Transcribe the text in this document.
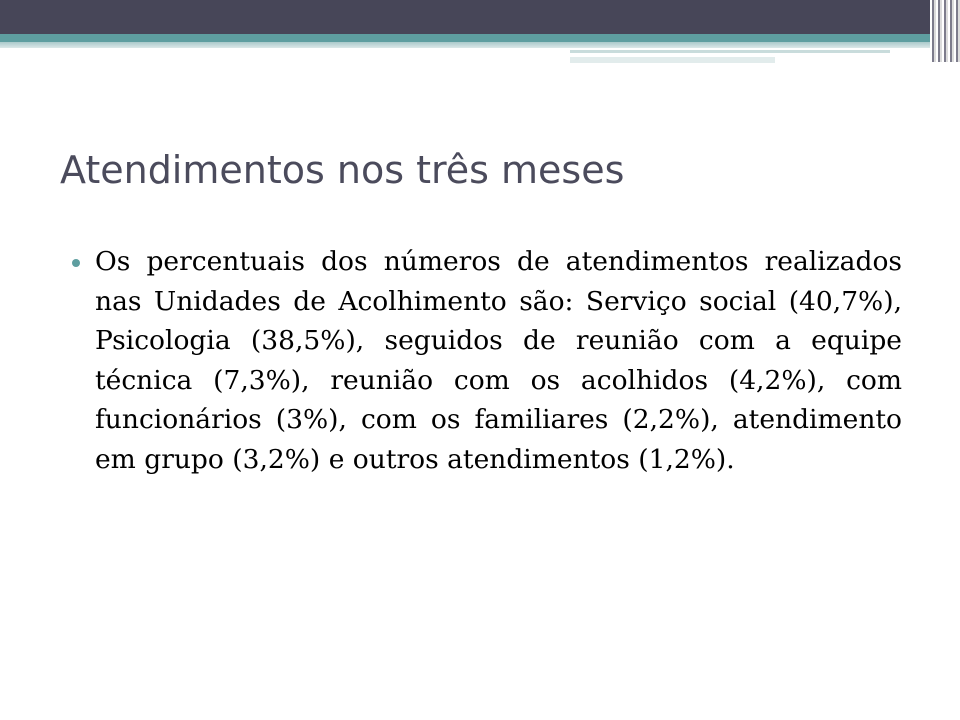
Atendimentos nos três meses
Os percentuais dos números de atendimentos realizados nas Unidades de Acolhimento são: Serviço social (40,7%), Psicologia (38,5%), seguidos de reunião com a equipe técnica (7,3%), reunião com os acolhidos (4,2%), com funcionários (3%), com os familiares (2,2%), atendimento em grupo (3,2%) e outros atendimentos (1,2%).
